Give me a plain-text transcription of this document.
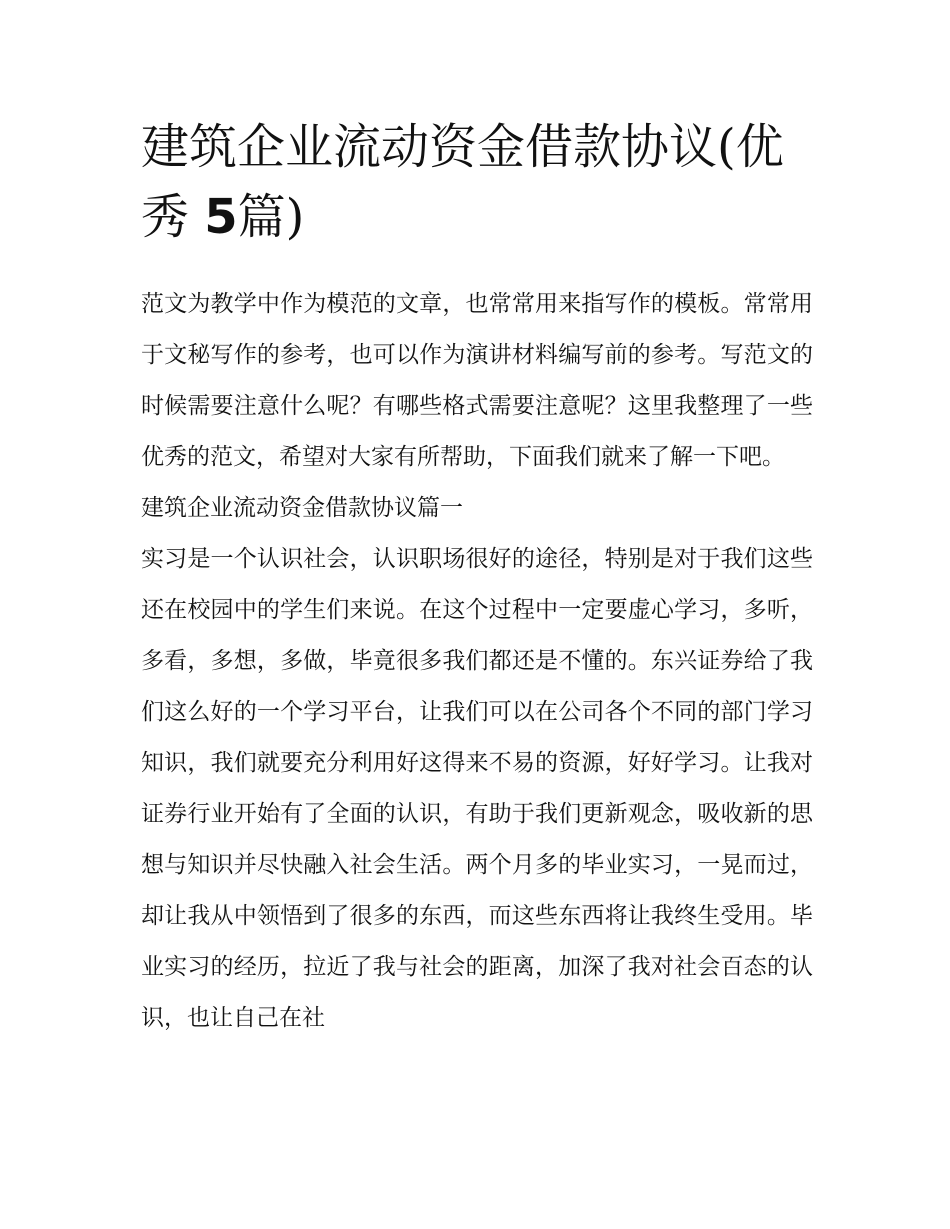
建筑企业流动资金借款协议(优
秀 5篇)

范文为教学中作为模范的文章，也常常用来指写作的模板。常常用于文秘写作的参考，也可以作为演讲材料编写前的参考。写范文的时候需要注意什么呢？有哪些格式需要注意呢？这里我整理了一些优秀的范文，希望对大家有所帮助，下面我们就来了解一下吧。

建筑企业流动资金借款协议篇一

实习是一个认识社会，认识职场很好的途径，特别是对于我们这些还在校园中的学生们来说。在这个过程中一定要虚心学习，多听，多看，多想，多做，毕竟很多我们都还是不懂的。东兴证券给了我们这么好的一个学习平台，让我们可以在公司各个不同的部门学习知识，我们就要充分利用好这得来不易的资源，好好学习。让我对证券行业开始有了全面的认识，有助于我们更新观念，吸收新的思想与知识并尽快融入社会生活。两个月多的毕业实习，一晃而过，却让我从中领悟到了很多的东西，而这些东西将让我终生受用。毕业实习的经历，拉近了我与社会的距离，加深了我对社会百态的认识，也让自己在社
